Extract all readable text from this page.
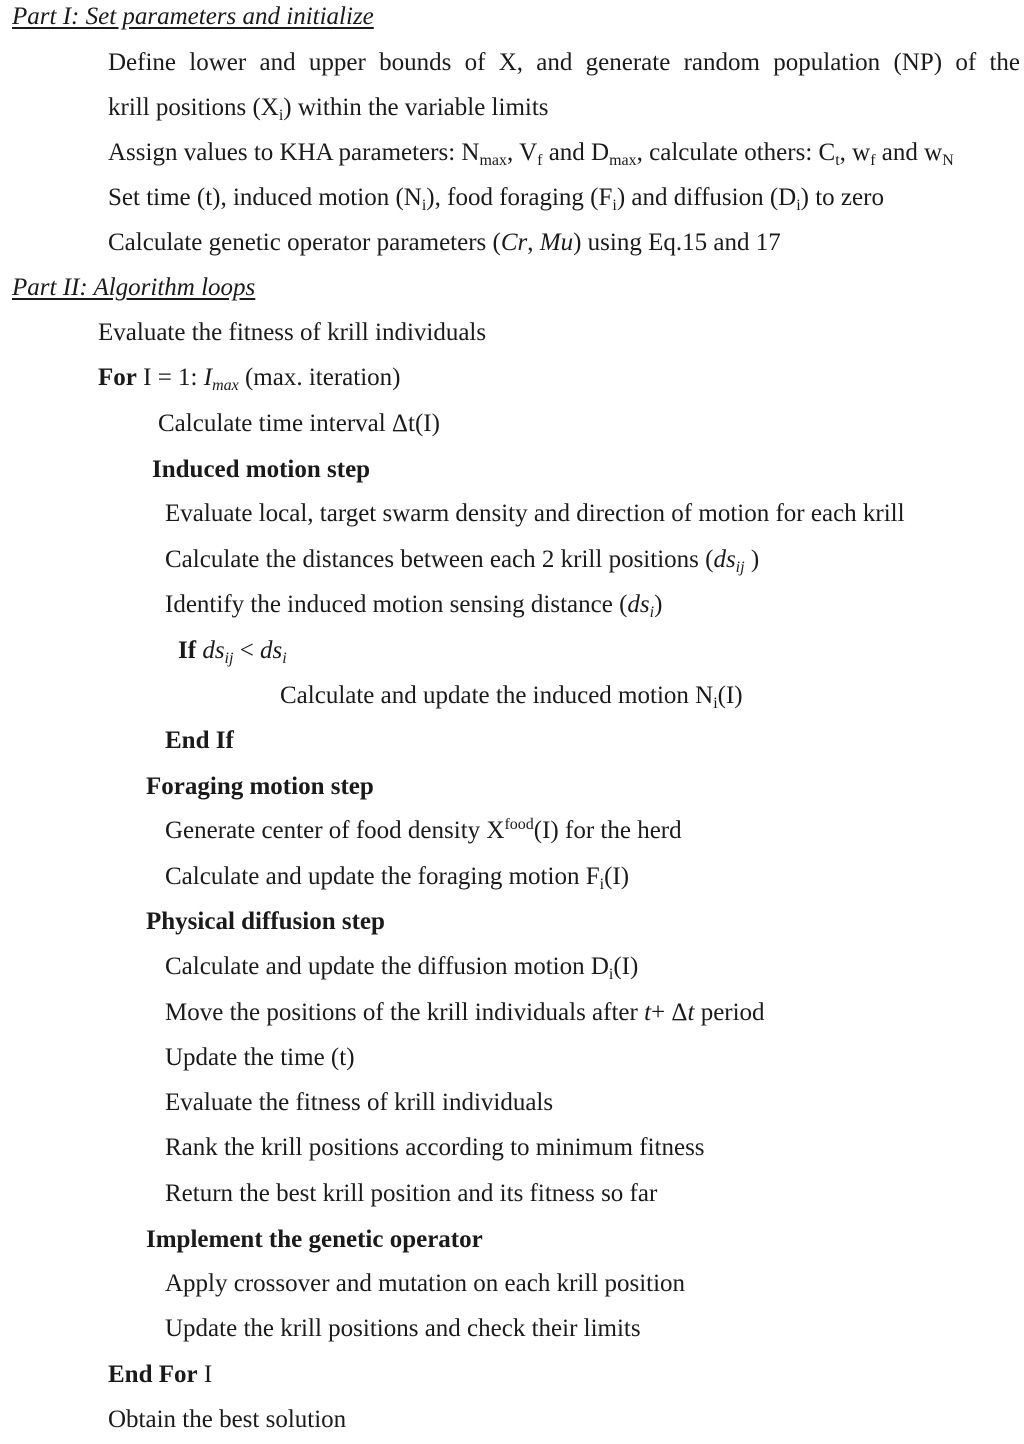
Part I: Set parameters and initialize
Define lower and upper bounds of X, and generate random population (NP) of the
krill positions $(X_i)$ within the variable limits
Assign values to KHA parameters: $N_{max}$, $V_f$ and $D_{max}$, calculate others: $C_t$, $w_f$ and $w_N$
Set time (t), induced motion $(N_i)$, food foraging $(F_i)$ and diffusion $(D_i)$ to zero
Calculate genetic operator parameters (Cr, Mu) using Eq.15 and 17
Part II: Algorithm loops
Evaluate the fitness of krill individuals
For I = 1: $I_{max}$ (max. iteration)
Calculate time interval Δt(I)
Induced motion step
Evaluate local, target swarm density and direction of motion for each krill
Calculate the distances between each 2 krill positions ($ds_{ij}$ )
Identify the induced motion sensing distance $(ds_i)$
If $ds_{ij} < ds_i$
Calculate and update the induced motion $N_i(I)$
End If
Foraging motion step
Generate center of food density $X^{food}(I)$ for the herd
Calculate and update the foraging motion $F_i(I)$
Physical diffusion step
Calculate and update the diffusion motion $D_i(I)$
Move the positions of the krill individuals after t+ Δt period
Update the time (t)
Evaluate the fitness of krill individuals
Rank the krill positions according to minimum fitness
Return the best krill position and its fitness so far
Implement the genetic operator
Apply crossover and mutation on each krill position
Update the krill positions and check their limits
End For I
Obtain the best solution
